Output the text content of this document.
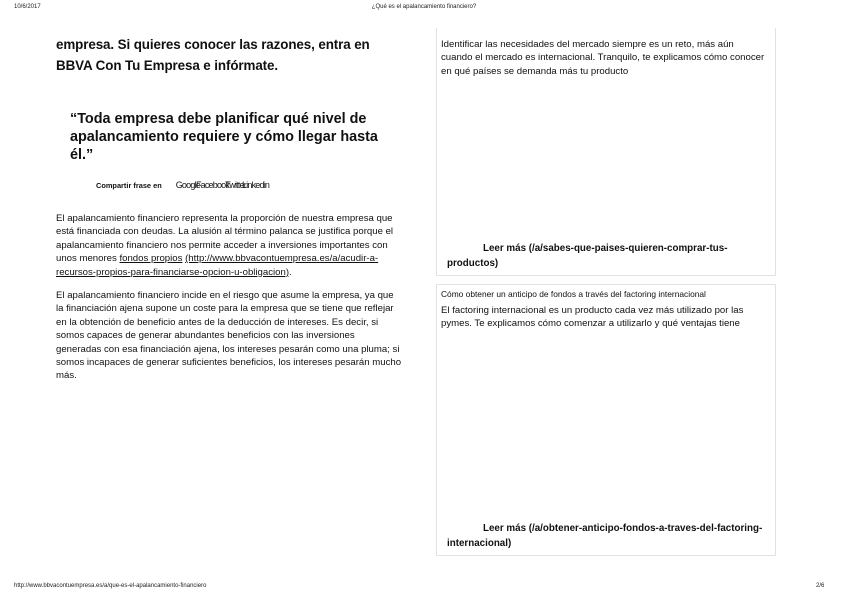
10/6/2017	¿Qué es el apalancamiento financiero?

empresa. Si quieres conocer las razones, entra en BBVA Con Tu Empresa e infórmate.

“Toda empresa debe planificar qué nivel de apalancamiento requiere y cómo llegar hasta él.”
Compartir frase en Google
Facebook
Twitter
Linkedin

El apalancamiento financiero representa la proporción de nuestra empresa que está financiada con deudas. La alusión al término palanca se justifica porque el apalancamiento financiero nos permite acceder a inversiones importantes con unos menores fondos propios (http://www.bbvacontuempresa.es/a/acudir-a-recursos-propios-para-financiarse-opcion-u-obligacion).

El apalancamiento financiero incide en el riesgo que asume la empresa, ya que la financiación ajena supone un coste para la empresa que se tiene que reflejar en la obtención de beneficio antes de la deducción de intereses. Es decir, si somos capaces de generar abundantes beneficios con las inversiones generadas con esa financiación ajena, los intereses pesarán como una pluma; si somos incapaces de generar suficientes beneficios, los intereses pesarán mucho más.

Identificar las necesidades del mercado siempre es un reto, más aún cuando el mercado es internacional. Tranquilo, te explicamos cómo conocer en qué países se demanda más tu producto
Leer más (/a/sabes-que-paises-quieren-comprar-tus-productos)
Cómo obtener un anticipo de fondos a través del factoring internacional
El factoring internacional es un producto cada vez más utilizado por las pymes. Te explicamos cómo comenzar a utilizarlo y qué ventajas tiene
Leer más (/a/obtener-anticipo-fondos-a-traves-del-factoring-internacional)
http://www.bbvacontuempresa.es/a/que-es-el-apalancamiento-financiero	2/6
